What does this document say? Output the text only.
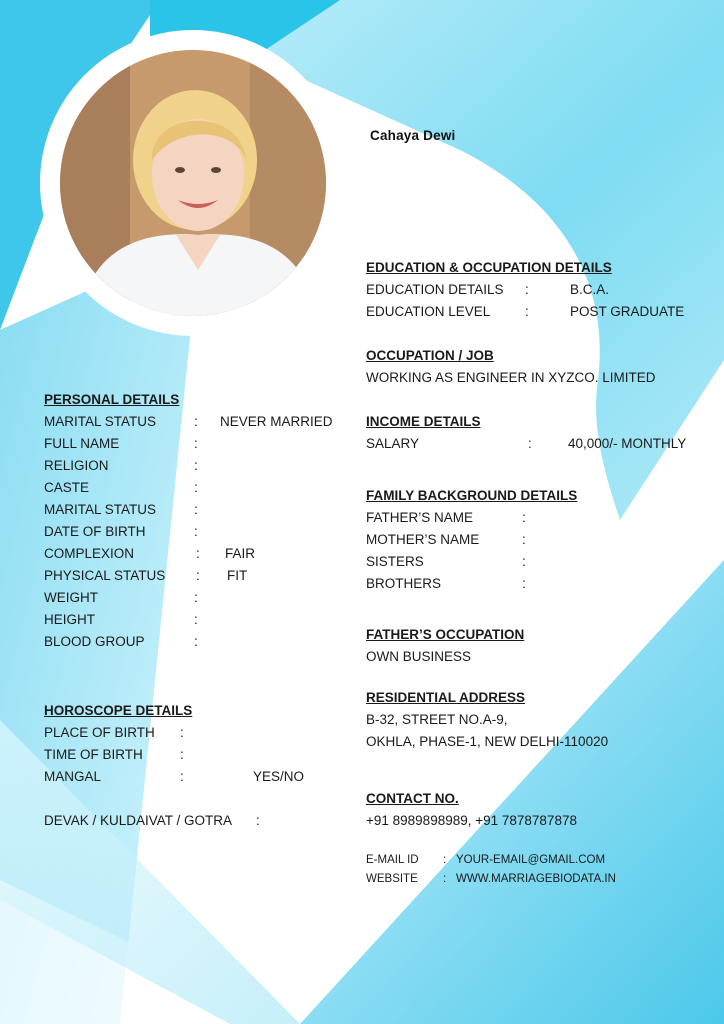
Cahaya Dewi
EDUCATION & OCCUPATION DETAILS
EDUCATION DETAILS :	B.C.A.
EDUCATION LEVEL	:	POST GRADUATE
OCCUPATION / JOB
WORKING AS ENGINEER IN XYZCO. LIMITED
INCOME DETAILS
SALARY	:	40,000/- MONTHLY
FAMILY BACKGROUND DETAILS
FATHER’S NAME	:
MOTHER’S NAME	:
SISTERS	:
BROTHERS	:
FATHER’S OCCUPATION
OWN BUSINESS
RESIDENTIAL ADDRESS
B-32, STREET NO.A-9,
OKHLA, PHASE-1, NEW DELHI-110020
CONTACT NO.
+91 8989898989, +91 7878787878
E-MAIL ID : YOUR-EMAIL@GMAIL.COM
WEBSITE : WWW.MARRIAGEBIODATA.IN
PERSONAL DETAILS
MARITAL STATUS	: NEVER MARRIED
FULL NAME	:
RELIGION	:
CASTE	:
MARITAL STATUS	:
DATE OF BIRTH	:
COMPLEXION	: FAIR
PHYSICAL STATUS : FIT
WEIGHT	:
HEIGHT	:
BLOOD GROUP	:
HOROSCOPE DETAILS
PLACE OF BIRTH :
TIME OF BIRTH	:
MANGAL	:	YES/NO
DEVAK / KULDAIVAT / GOTRA :
